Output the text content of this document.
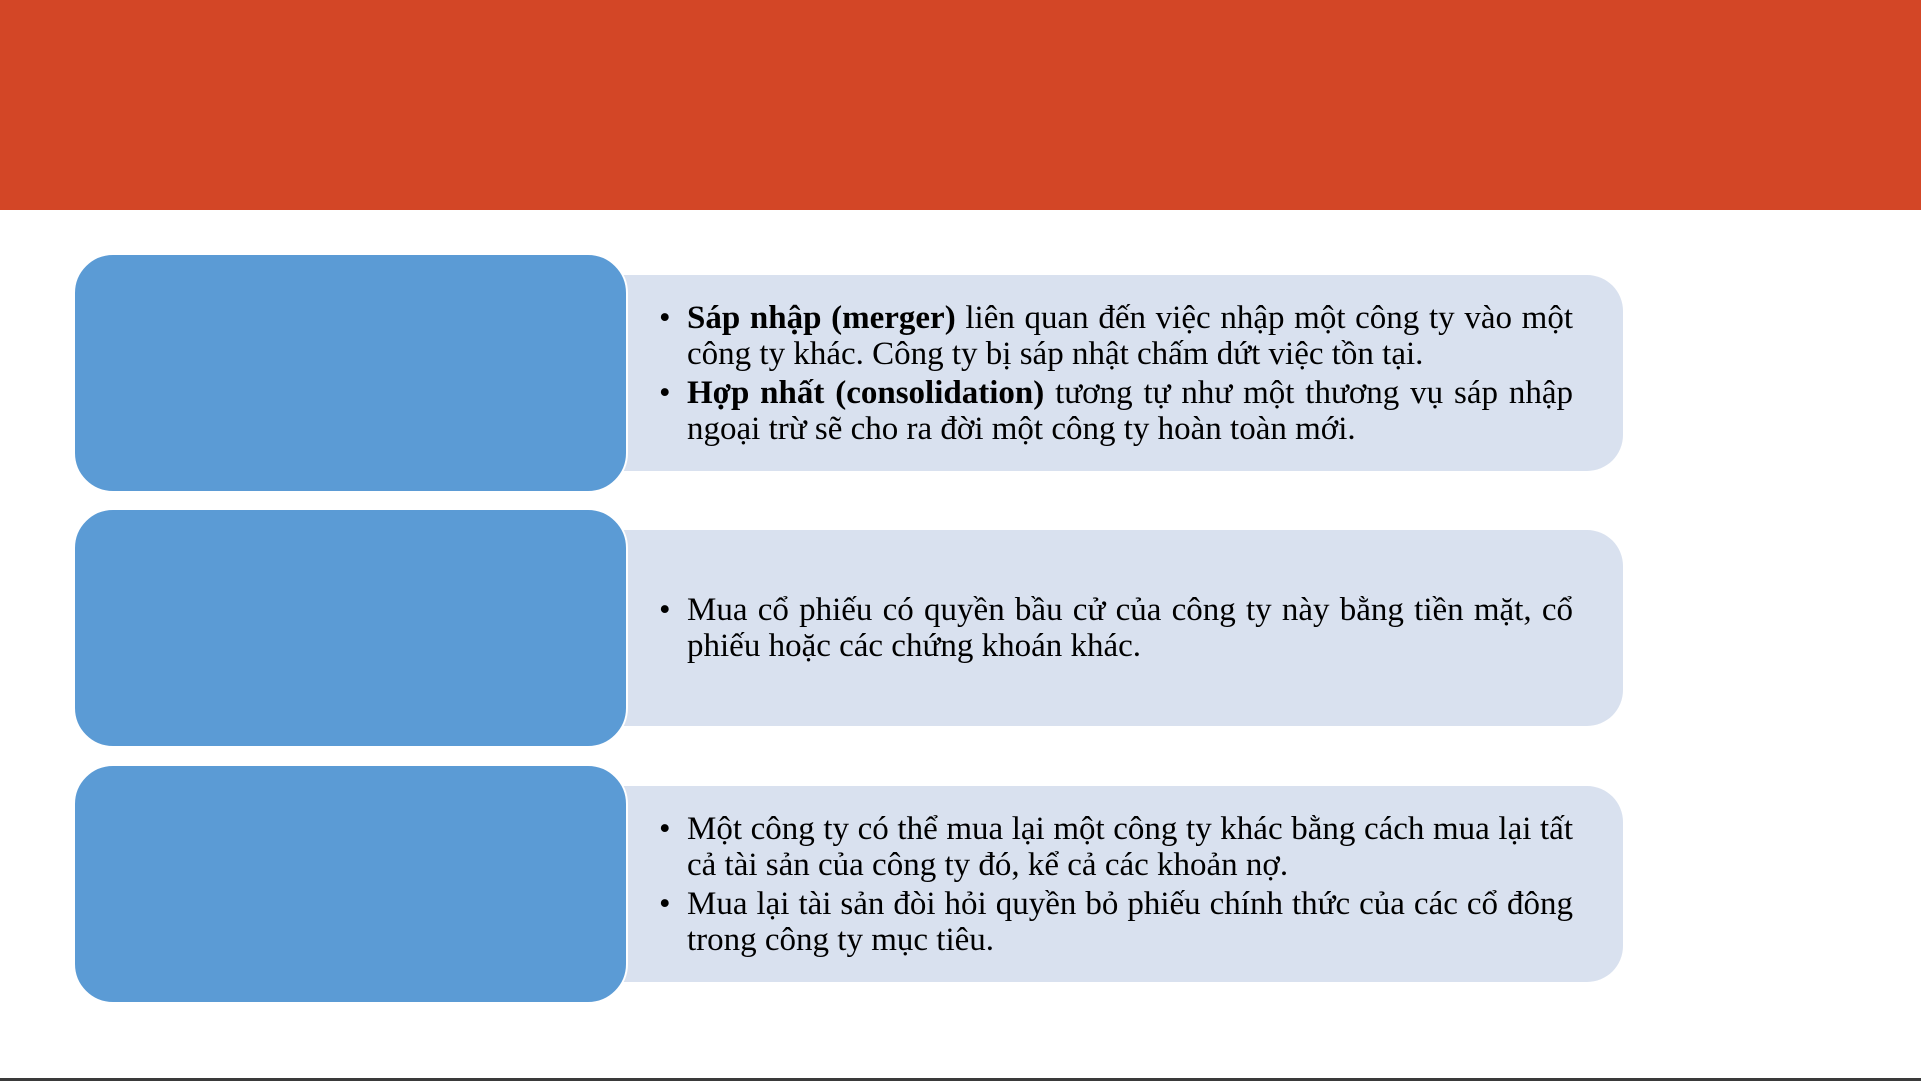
• Sáp nhập (merger) liên quan đến việc nhập một công ty vào một công ty khác. Công ty bị sáp nhật chấm dứt việc tồn tại.
• Hợp nhất (consolidation) tương tự như một thương vụ sáp nhập ngoại trừ sẽ cho ra đời một công ty hoàn toàn mới.
• Mua cổ phiếu có quyền bầu cử của công ty này bằng tiền mặt, cổ phiếu hoặc các chứng khoán khác.
• Một công ty có thể mua lại một công ty khác bằng cách mua lại tất cả tài sản của công ty đó, kể cả các khoản nợ.
• Mua lại tài sản đòi hỏi quyền bỏ phiếu chính thức của các cổ đông trong công ty mục tiêu.
